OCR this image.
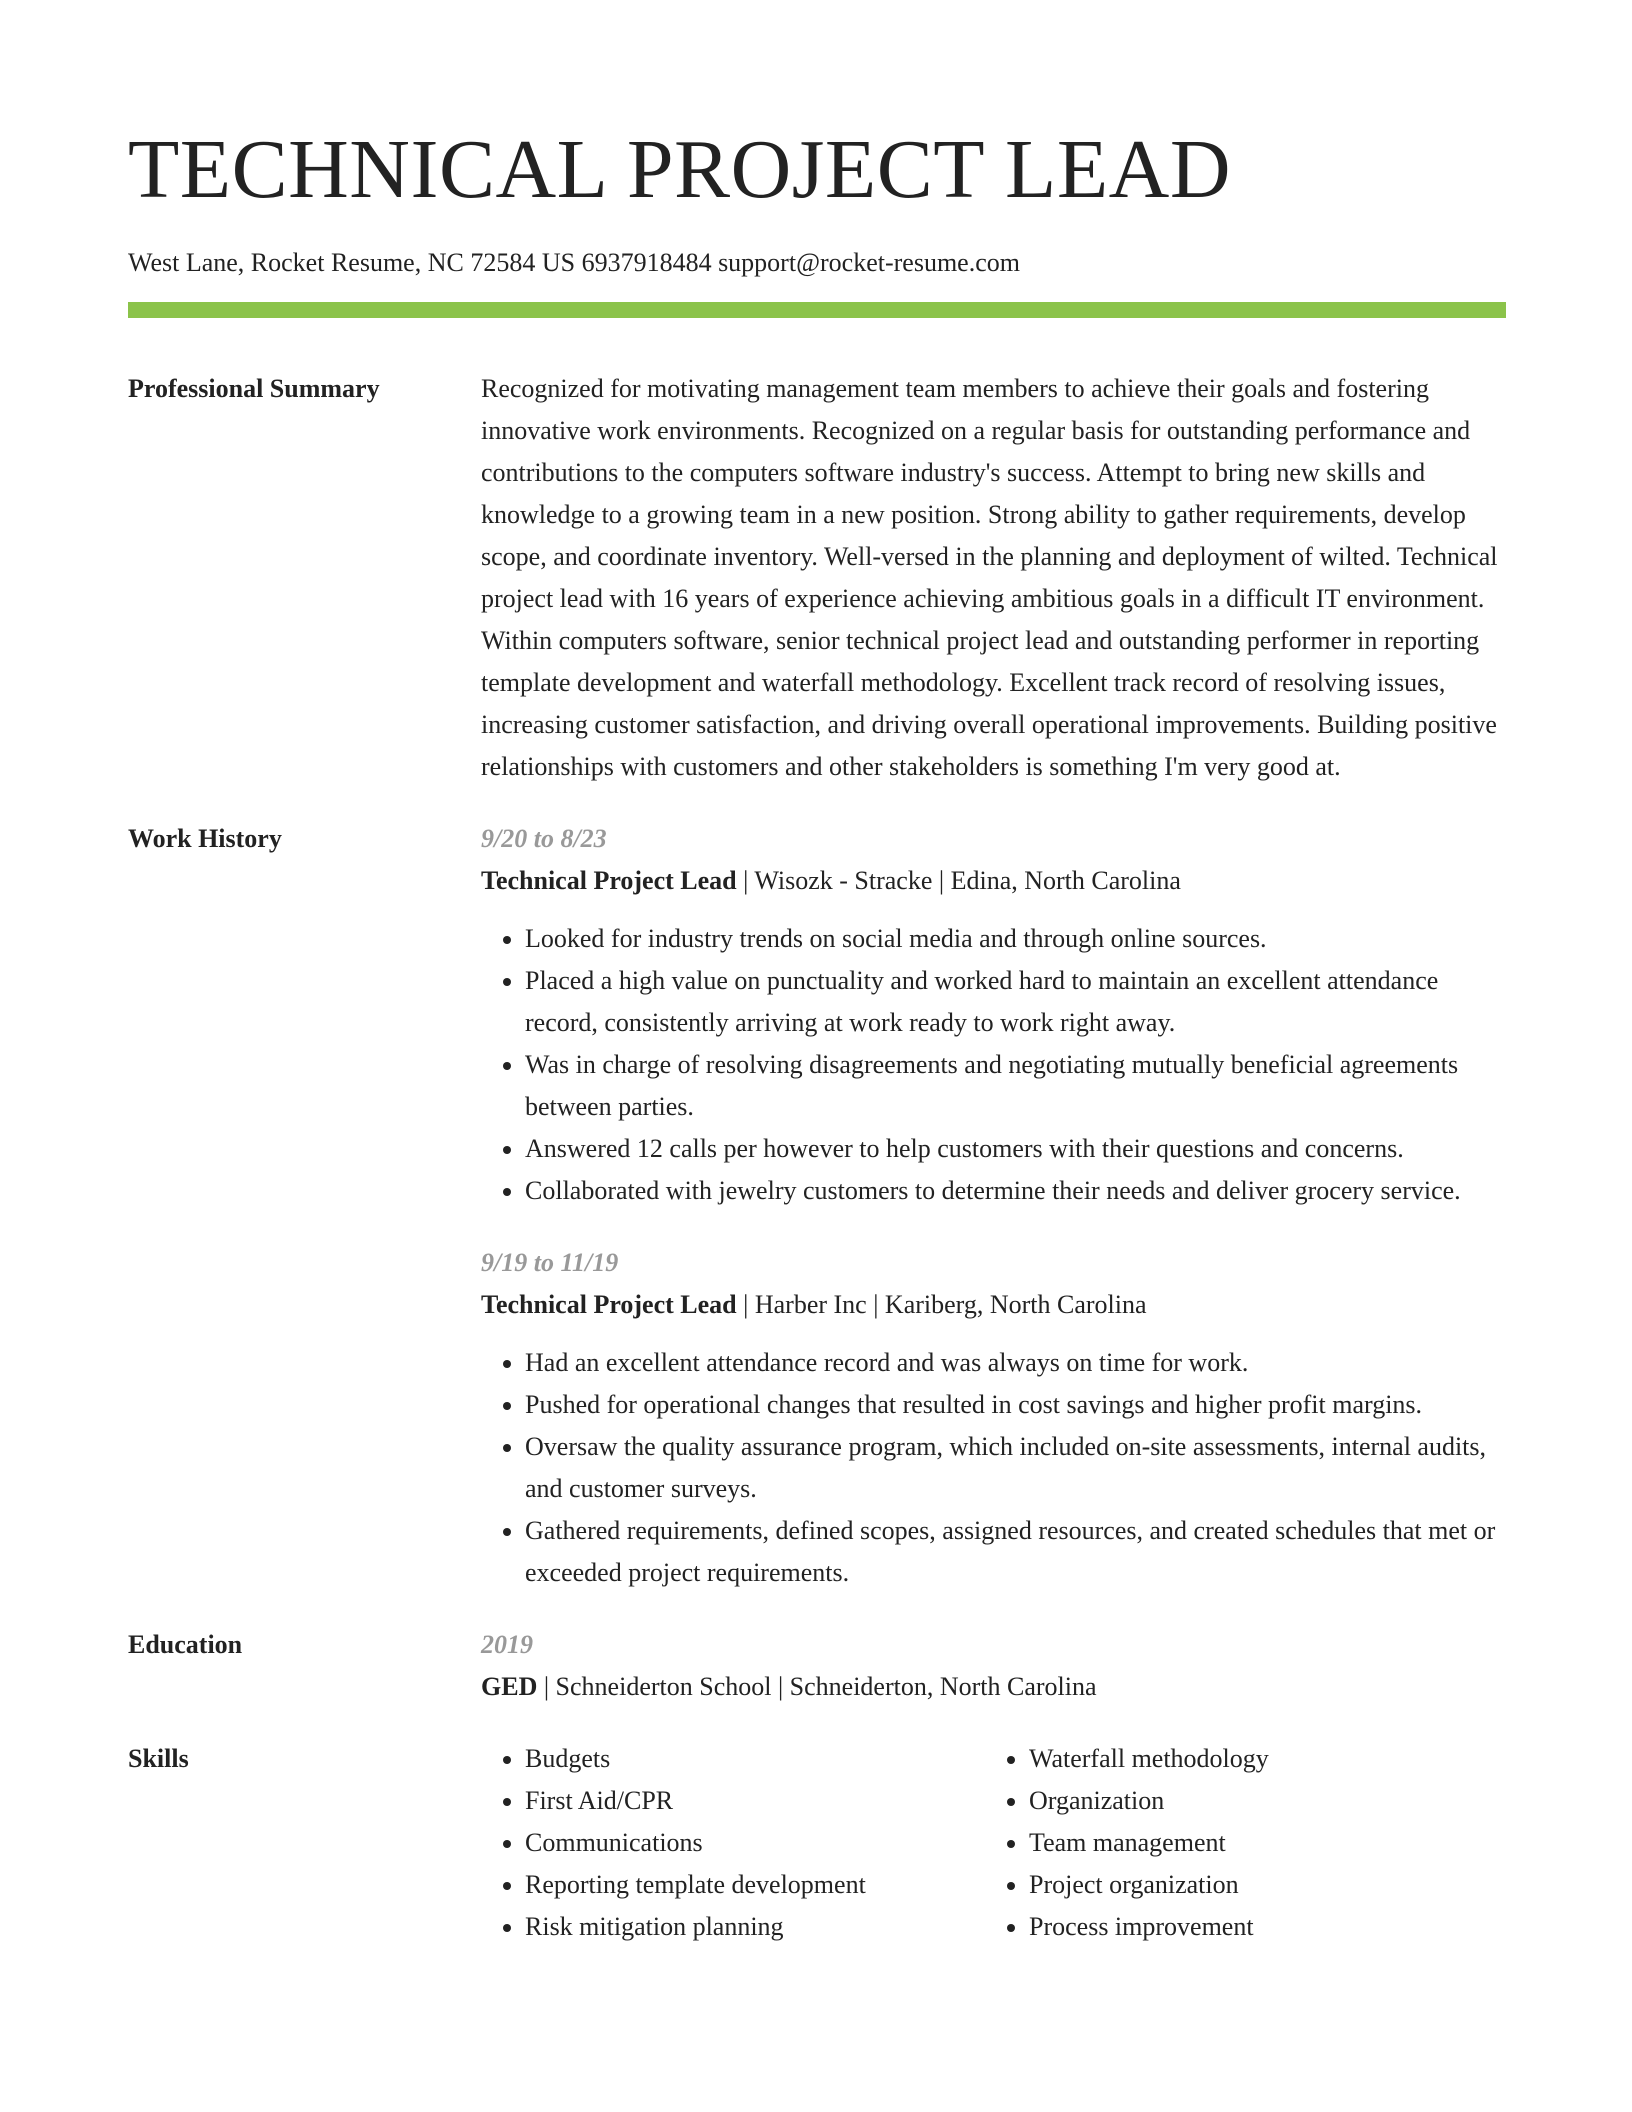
TECHNICAL PROJECT LEAD
West Lane, Rocket Resume, NC 72584 US 6937918484 support@rocket-resume.com
Professional Summary	Recognized for motivating management team members to achieve their goals and fostering innovative work environments. Recognized on a regular basis for outstanding performance and contributions to the computers software industry's success. Attempt to bring new skills and knowledge to a growing team in a new position. Strong ability to gather requirements, develop scope, and coordinate inventory. Well-versed in the planning and deployment of wilted. Technical project lead with 16 years of experience achieving ambitious goals in a difficult IT environment. Within computers software, senior technical project lead and outstanding performer in reporting template development and waterfall methodology. Excellent track record of resolving issues, increasing customer satisfaction, and driving overall operational improvements. Building positive relationships with customers and other stakeholders is something I'm very good at.
Work History	9/20 to 8/23
Technical Project Lead | Wisozk - Stracke | Edina, North Carolina
• Looked for industry trends on social media and through online sources.
• Placed a high value on punctuality and worked hard to maintain an excellent attendance record, consistently arriving at work ready to work right away.
• Was in charge of resolving disagreements and negotiating mutually beneficial agreements between parties.
• Answered 12 calls per however to help customers with their questions and concerns.
• Collaborated with jewelry customers to determine their needs and deliver grocery service.
9/19 to 11/19
Technical Project Lead | Harber Inc | Kariberg, North Carolina
• Had an excellent attendance record and was always on time for work.
• Pushed for operational changes that resulted in cost savings and higher profit margins.
• Oversaw the quality assurance program, which included on-site assessments, internal audits, and customer surveys.
• Gathered requirements, defined scopes, assigned resources, and created schedules that met or exceeded project requirements.
Education	2019
GED | Schneiderton School | Schneiderton, North Carolina
Skills
•	Budgets
• First Aid/CPR
• Communications
• Reporting template development
• Risk mitigation planning
• Waterfall methodology
• Organization
• Team management
• Project organization
• Process improvement
